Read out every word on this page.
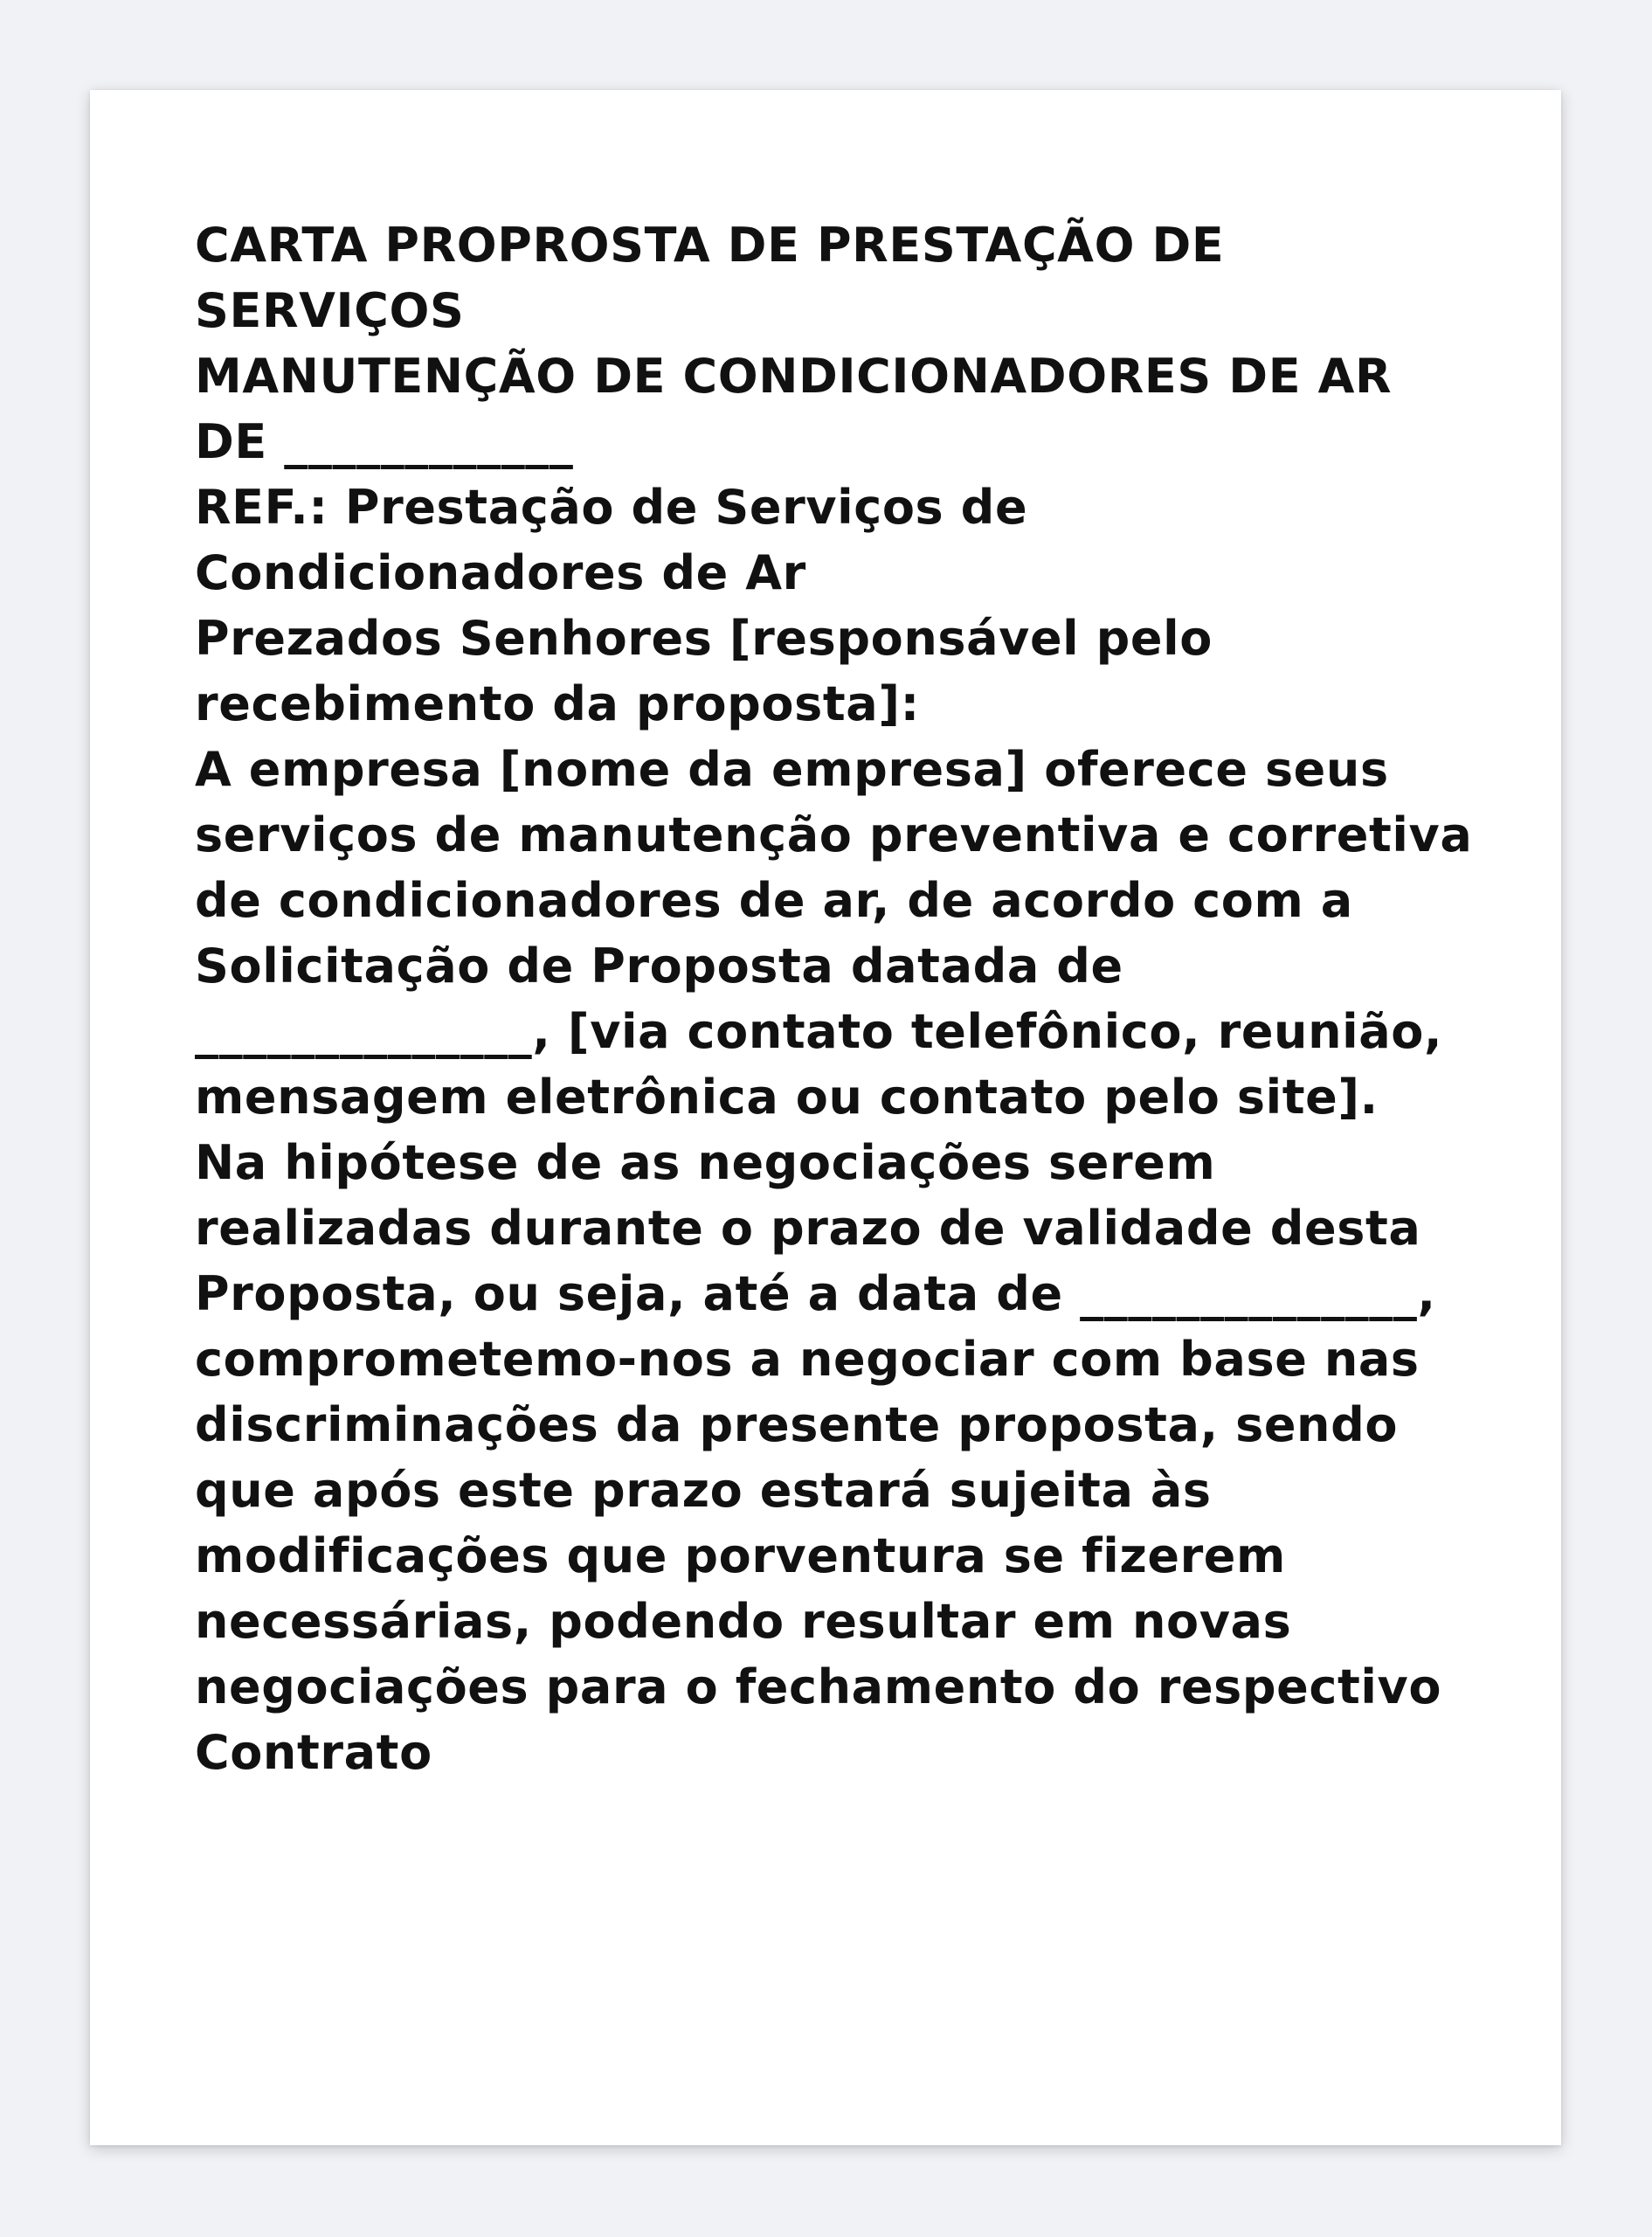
CARTA PROPROSTA DE PRESTAÇÃO DE SERVIÇOS

MANUTENÇÃO DE CONDICIONADORES DE AR

DE ____________

REF.: Prestação de Serviços de Condicionadores de Ar

Prezados Senhores [responsável pelo recebimento da proposta]:

A empresa [nome da empresa] oferece seus serviços de manutenção preventiva e corretiva de condicionadores de ar, de acordo com a Solicitação de Proposta datada de ______________, [via contato telefônico, reunião, mensagem eletrônica ou contato pelo site].

Na hipótese de as negociações serem realizadas durante o prazo de validade desta Proposta, ou seja, até a data de ______________, comprometemo-nos a negociar com base nas discriminações da presente proposta, sendo que após este prazo estará sujeita às modificações que porventura se fizerem necessárias, podendo resultar em novas negociações para o fechamento do respectivo Contrato
